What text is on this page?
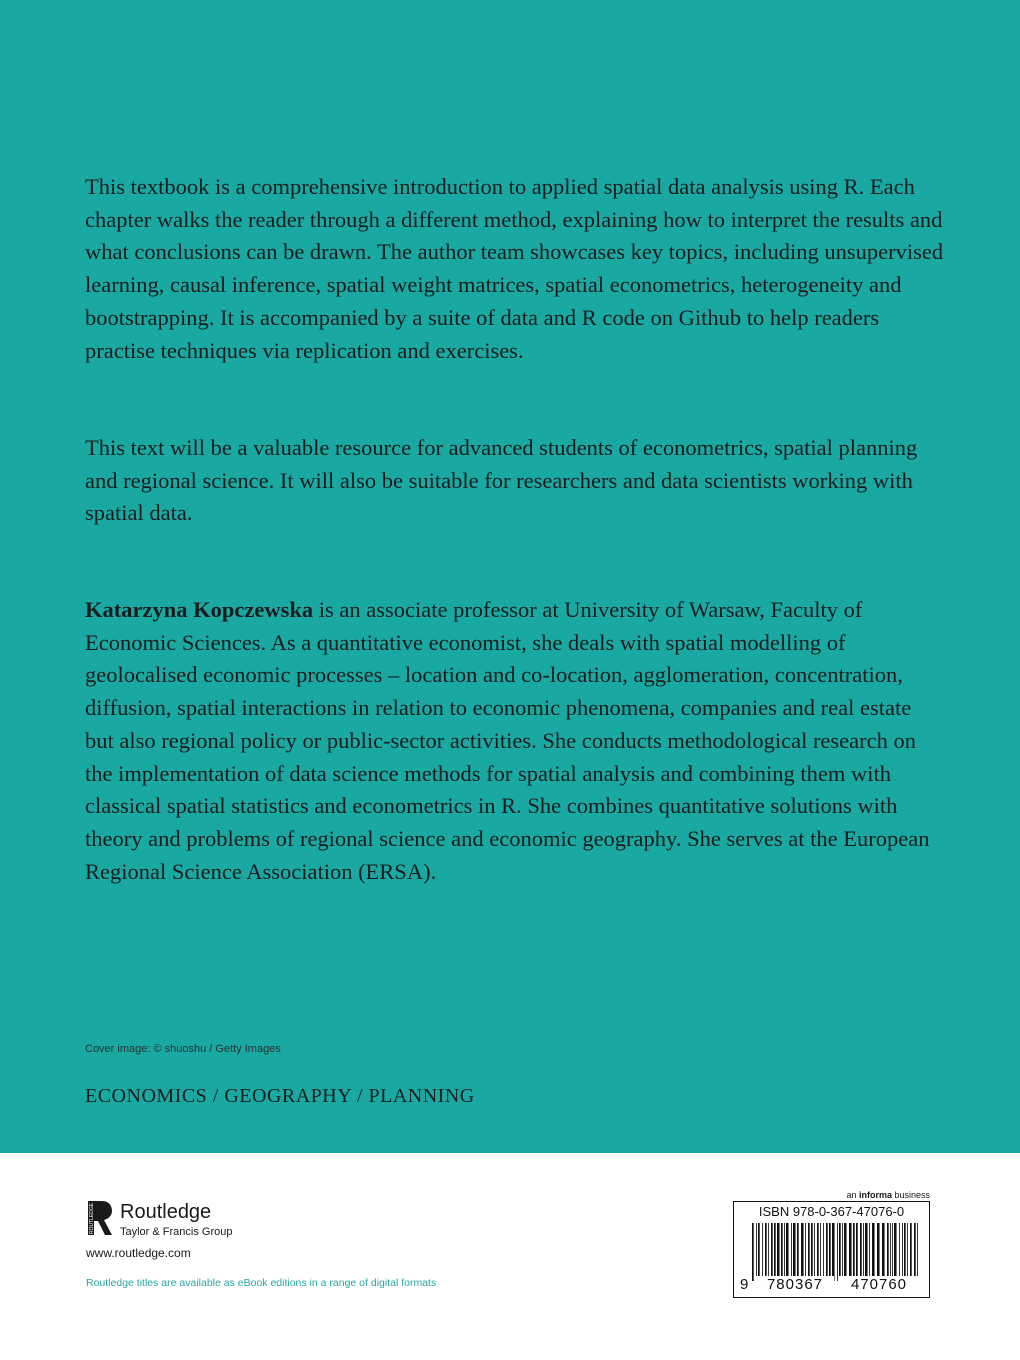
This textbook is a comprehensive introduction to applied spatial data analysis using R. Each chapter walks the reader through a different method, explaining how to interpret the results and what conclusions can be drawn. The author team showcases key topics, including unsupervised learning, causal inference, spatial weight matrices, spatial econometrics, heterogeneity and bootstrapping. It is accompanied by a suite of data and R code on Github to help readers practise techniques via replication and exercises.

This text will be a valuable resource for advanced students of econometrics, spatial planning and regional science. It will also be suitable for researchers and data scientists working with spatial data.

Katarzyna Kopczewska is an associate professor at University of Warsaw, Faculty of Economic Sciences. As a quantitative economist, she deals with spatial modelling of geolocalised economic processes – location and co-location, agglomeration, concentration, diffusion, spatial interactions in relation to economic phenomena, companies and real estate but also regional policy or public-sector activities. She conducts methodological research on the implementation of data science methods for spatial analysis and combining them with classical spatial statistics and econometrics in R. She combines quantitative solutions with theory and problems of regional science and economic geography. She serves at the European Regional Science Association (ERSA).

Cover image: © shuoshu / Getty Images
ECONOMICS / GEOGRAPHY / PLANNING
ROUTLEDGE Routledge
Taylor & Francis Group
www.routledge.com
Routledge titles are available as eBook editions in a range of digital formats
an informa business
ISBN 978-0-367-47076-0
9	780367	470760
